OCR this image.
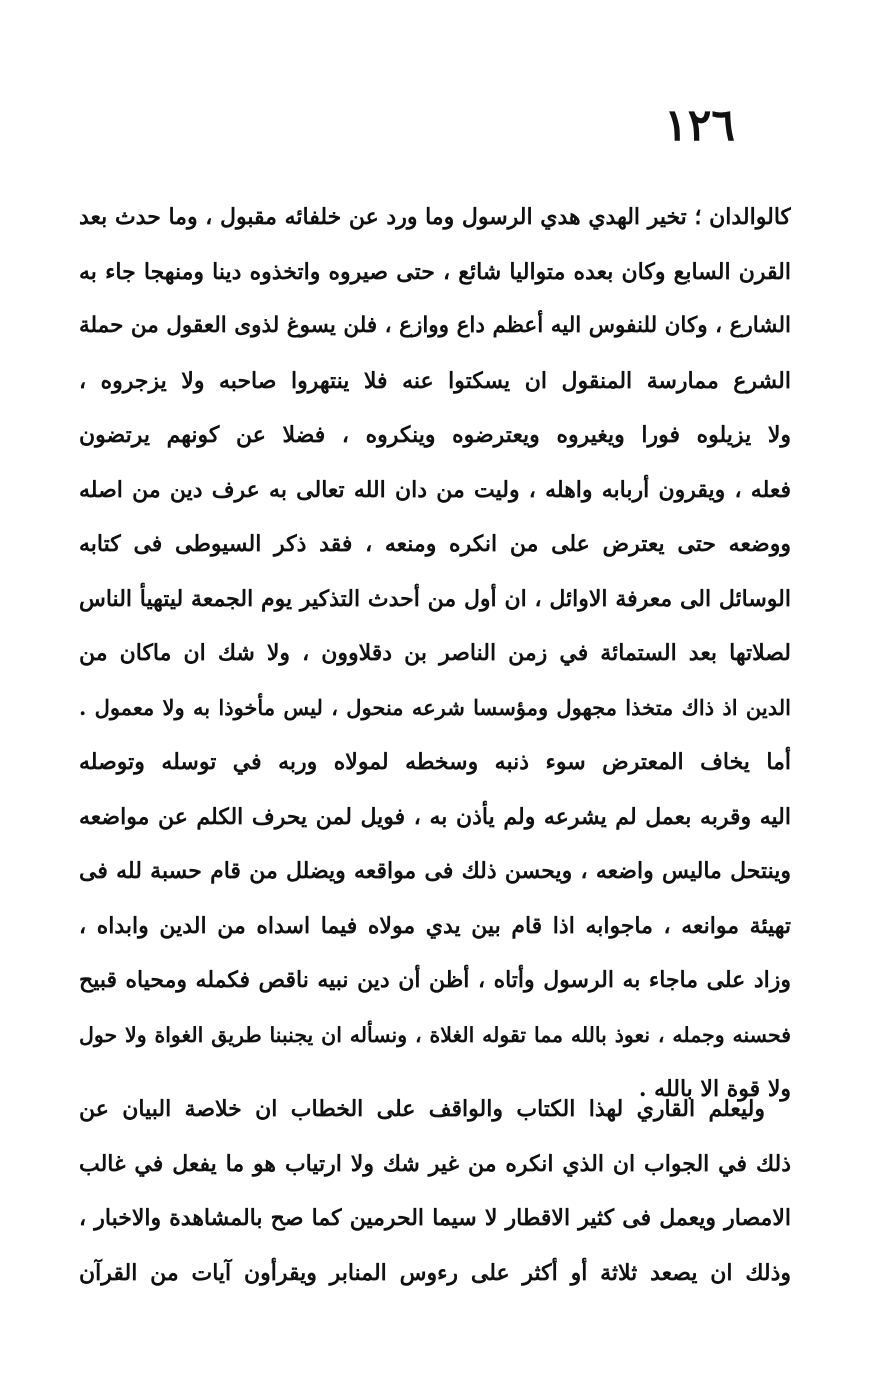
١٢٦
كالوالدان ؛ تخير الهدي هدي الرسول وما ورد عن خلفائه مقبول ، وما حدث بعد
القرن السابع وكان بعده متواليا شائع ، حتى صيروه واتخذوه دينا ومنهجا جاء به
الشارع ، وكان للنفوس اليه أعظم داع ووازع ، فلن يسوغ لذوى العقول من حملة
الشرع ممارسة المنقول ان يسكتوا عنه فلا ينتهروا صاحبه ولا يزجروه ،
ولا يزيلوه فورا ويغيروه ويعترضوه وينكروه ، فضلا عن كونهم يرتضون
فعله ، ويقرون أربابه واهله ، وليت من دان الله تعالى به عرف دين من اصله
ووضعه حتى يعترض على من انكره ومنعه ، فقد ذكر السيوطى فى كتابه
الوسائل الى معرفة الاوائل ، ان أول من أحدث التذكير يوم الجمعة ليتهيأ الناس
لصلاتها بعد الستمائة في زمن الناصر بن دقلاوون ، ولا شك ان ماكان من
الدين اذ ذاك متخذا مجهول ومؤسسا شرعه منحول ، ليس مأخوذا به ولا معمول .
أما يخاف المعترض سوء ذنبه وسخطه لمولاه وربه في توسله وتوصله
اليه وقربه بعمل لم يشرعه ولم يأذن به ، فويل لمن يحرف الكلم عن مواضعه
وينتحل ماليس واضعه ، ويحسن ذلك فى مواقعه ويضلل من قام حسبة لله فى
تهيئة موانعه ، ماجوابه اذا قام بين يدي مولاه فيما اسداه من الدين وابداه ،
وزاد على ماجاء به الرسول وأتاه ، أظن أن دين نبيه ناقص فكمله ومحياه قبيح
فحسنه وجمله ، نعوذ بالله مما تقوله الغلاة ، ونسأله ان يجنبنا طريق الغواة ولا حول
ولا قوة الا بالله .
وليعلم القاري لهذا الكتاب والواقف على الخطاب ان خلاصة البيان عن
ذلك في الجواب ان الذي انكره من غير شك ولا ارتياب هو ما يفعل في غالب
الامصار ويعمل فى كثير الاقطار لا سيما الحرمين كما صح بالمشاهدة والاخبار ،
وذلك ان يصعد ثلاثة أو أكثر على رءوس المنابر ويقرأون آيات من القرآن
